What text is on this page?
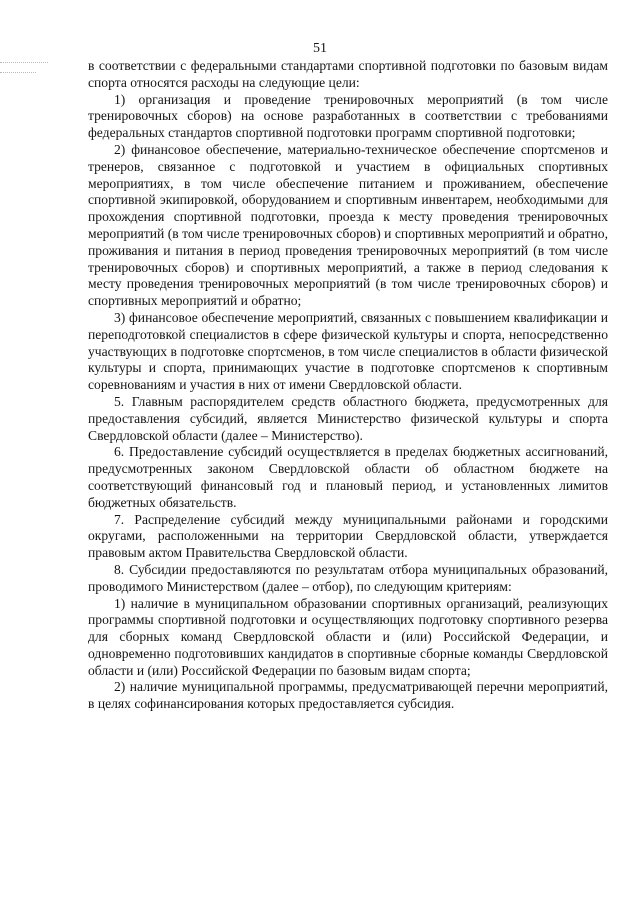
51

в соответствии с федеральными стандартами спортивной подготовки по базовым видам спорта относятся расходы на следующие цели:

1) организация и проведение тренировочных мероприятий (в том числе тренировочных сборов) на основе разработанных в соответствии с требованиями федеральных стандартов спортивной подготовки программ спортивной подготовки;

2) финансовое обеспечение, материально-техническое обеспечение спортсменов и тренеров, связанное с подготовкой и участием в официальных спортивных мероприятиях, в том числе обеспечение питанием и проживанием, обеспечение спортивной экипировкой, оборудованием и спортивным инвентарем, необходимыми для прохождения спортивной подготовки, проезда к месту проведения тренировочных мероприятий (в том числе тренировочных сборов) и спортивных мероприятий и обратно, проживания и питания в период проведения тренировочных мероприятий (в том числе тренировочных сборов) и спортивных мероприятий, а также в период следования к месту проведения тренировочных мероприятий (в том числе тренировочных сборов) и спортивных мероприятий и обратно;

3) финансовое обеспечение мероприятий, связанных с повышением квалификации и переподготовкой специалистов в сфере физической культуры и спорта, непосредственно участвующих в подготовке спортсменов, в том числе специалистов в области физической культуры и спорта, принимающих участие в подготовке спортсменов к спортивным соревнованиям и участия в них от имени Свердловской области.

5. Главным распорядителем средств областного бюджета, предусмотренных для предоставления субсидий, является Министерство физической культуры и спорта Свердловской области (далее – Министерство).

6. Предоставление субсидий осуществляется в пределах бюджетных ассигнований, предусмотренных законом Свердловской области об областном бюджете на соответствующий финансовый год и плановый период, и установленных лимитов бюджетных обязательств.

7. Распределение субсидий между муниципальными районами и городскими округами, расположенными на территории Свердловской области, утверждается правовым актом Правительства Свердловской области.

8. Субсидии предоставляются по результатам отбора муниципальных образований, проводимого Министерством (далее – отбор), по следующим критериям:

1) наличие в муниципальном образовании спортивных организаций, реализующих программы спортивной подготовки и осуществляющих подготовку спортивного резерва для сборных команд Свердловской области и (или) Российской Федерации, и одновременно подготовивших кандидатов в спортивные сборные команды Свердловской области и (или) Российской Федерации по базовым видам спорта;

2) наличие муниципальной программы, предусматривающей перечни мероприятий, в целях софинансирования которых предоставляется субсидия.
